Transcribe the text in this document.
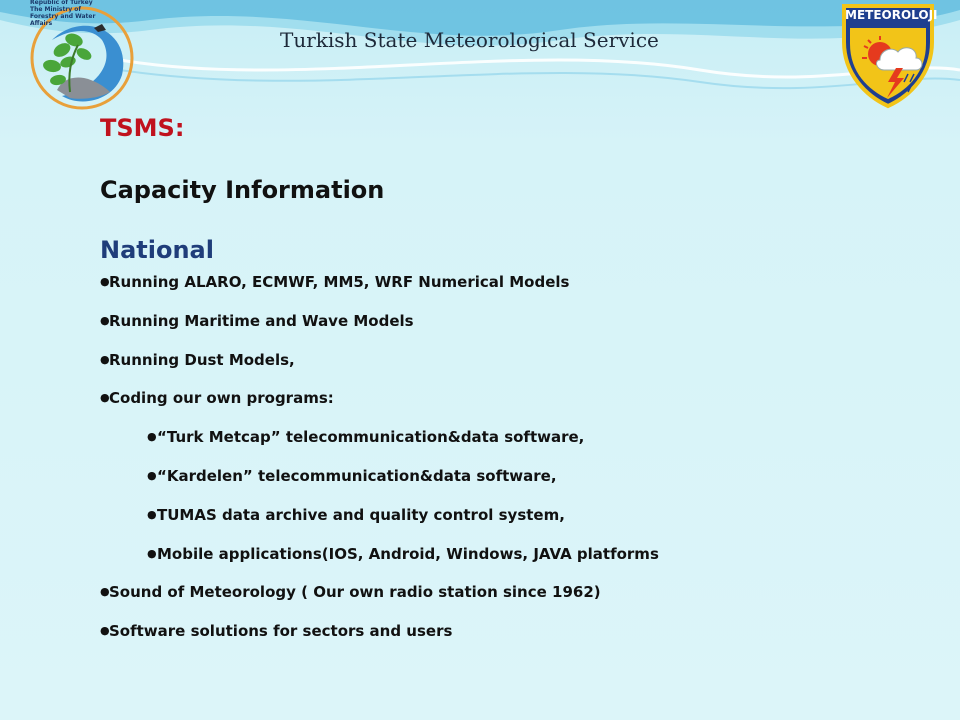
Republic of Turkey
The Ministry of
Forestry and Water
Affairs
Turkish State Meteorological Service
METEOROLOJI
TSMS:
Capacity Information
National
● Running ALARO, ECMWF, MM5, WRF Numerical Models
● Running Maritime and Wave Models
● Running Dust Models,
● Coding our own programs:
● “Turk Metcap” telecommunication&data software,
● “Kardelen” telecommunication&data software,
● TUMAS data archive and quality control system,
● Mobile applications(IOS, Android, Windows, JAVA platforms
● Sound of Meteorology ( Our own radio station since 1962)
● Software solutions for sectors and users
